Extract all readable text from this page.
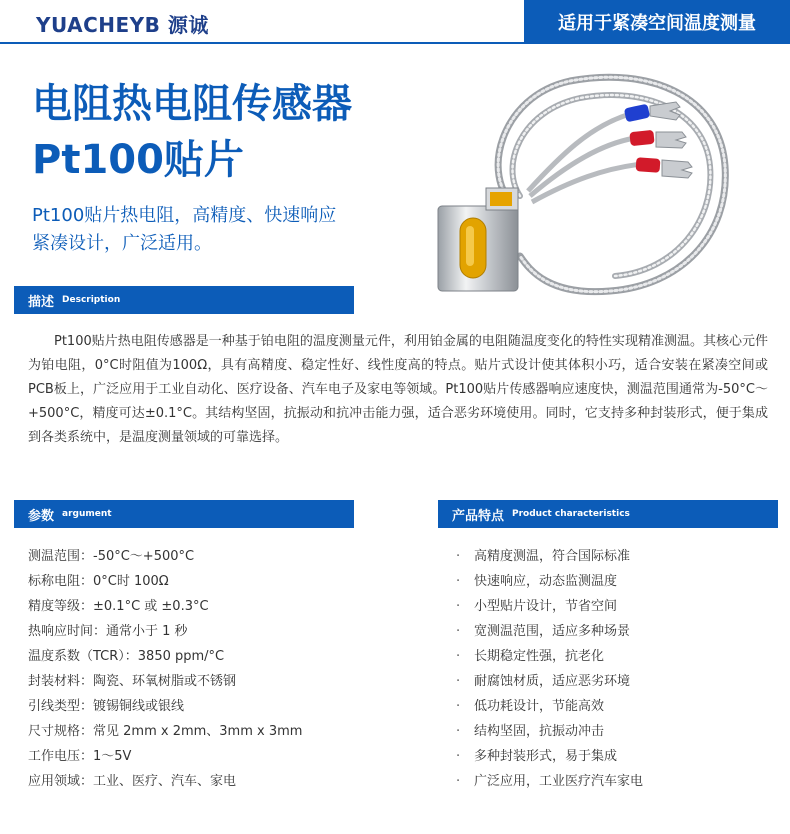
YUACHEYB 源诚	适用于紧凑空间温度测量
电阻热电阻传感器
Pt100贴片
Pt100贴片热电阻，高精度、快速响应
紧凑设计，广泛适用。
描述 Description

Pt100贴片热电阻传感器是一种基于铂电阻的温度测量元件，利用铂金属的电阻随温度变化的特性实现精准测温。其核心元件为铂电阻，0°C时阻值为100Ω，具有高精度、稳定性好、线性度高的特点。贴片式设计使其体积小巧，适合安装在紧凑空间或PCB板上，广泛应用于工业自动化、医疗设备、汽车电子及家电等领域。Pt100贴片传感器响应速度快，测温范围通常为-50°C～+500°C，精度可达±0.1°C。其结构坚固，抗振动和抗冲击能力强，适合恶劣环境使用。同时，它支持多种封装形式，便于集成到各类系统中，是温度测量领域的可靠选择。

参数 argument
测温范围：-50°C～+500°C
标称电阻：0°C时 100Ω
精度等级：±0.1°C 或 ±0.3°C
热响应时间：通常小于 1 秒
温度系数（TCR）：3850 ppm/°C
封装材料：陶瓷、环氧树脂或不锈钢
引线类型：镀锡铜线或银线
尺寸规格：常见 2mm x 2mm、3mm x 3mm
工作电压：1～5V
应用领域：工业、医疗、汽车、家电
产品特点 Product characteristics
· 高精度测温，符合国际标准
· 快速响应，动态监测温度
· 小型贴片设计，节省空间
· 宽测温范围，适应多种场景
· 长期稳定性强，抗老化
· 耐腐蚀材质，适应恶劣环境
· 低功耗设计，节能高效
· 结构坚固，抗振动冲击
· 多种封装形式，易于集成
· 广泛应用，工业医疗汽车家电
